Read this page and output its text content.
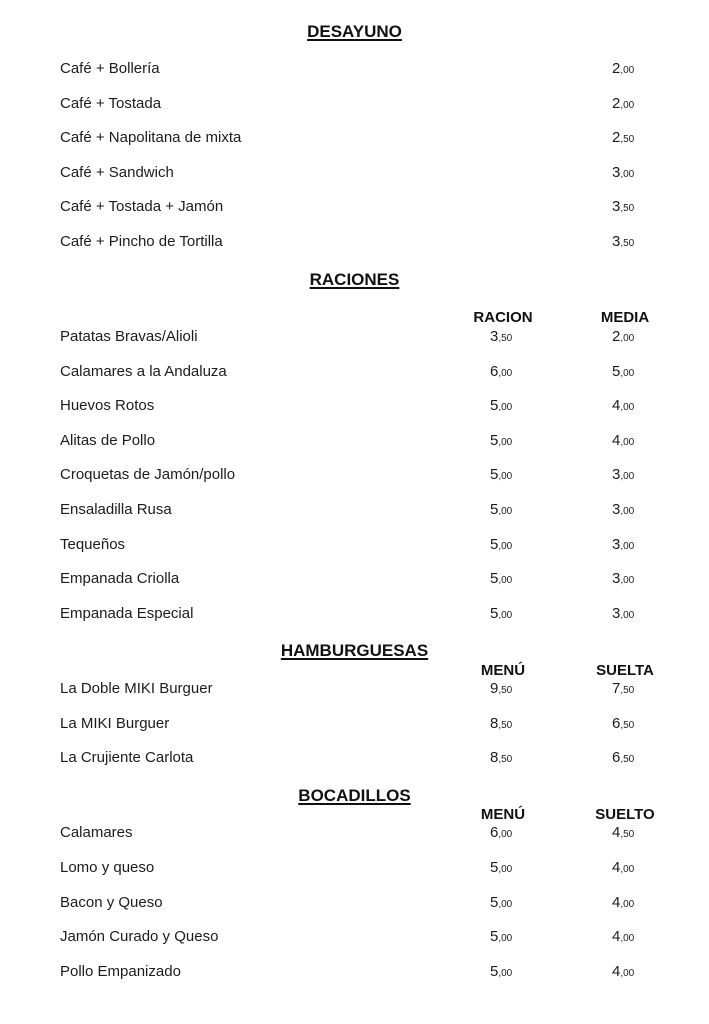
DESAYUNO
Café + Bollería	2,00
Café + Tostada	2,00
Café + Napolitana de mixta	2,50
Café + Sandwich	3,00
Café + Tostada + Jamón	3,50
Café + Pincho de Tortilla	3,50
RACIONES
RACION	MEDIA
Patatas Bravas/Alioli	3,50	2,00
Calamares a la Andaluza	6,00	5,00
Huevos Rotos	5,00	4,00
Alitas de Pollo	5,00	4,00
Croquetas de Jamón/pollo	5,00	3,00
Ensaladilla Rusa	5,00	3,00
Tequeños	5,00	3,00
Empanada Criolla	5,00	3,00
Empanada Especial	5,00	3,00
HAMBURGUESAS
MENÚ	SUELTA
La Doble MIKI Burguer	9,50	7,50
La MIKI Burguer	8,50	6,50
La Crujiente Carlota	8,50	6,50
BOCADILLOS
MENÚ	SUELTO
Calamares	6,00	4,50
Lomo y queso	5,00	4,00
Bacon y Queso	5,00	4,00
Jamón Curado y Queso	5,00	4,00
Pollo Empanizado	5,00	4,00
